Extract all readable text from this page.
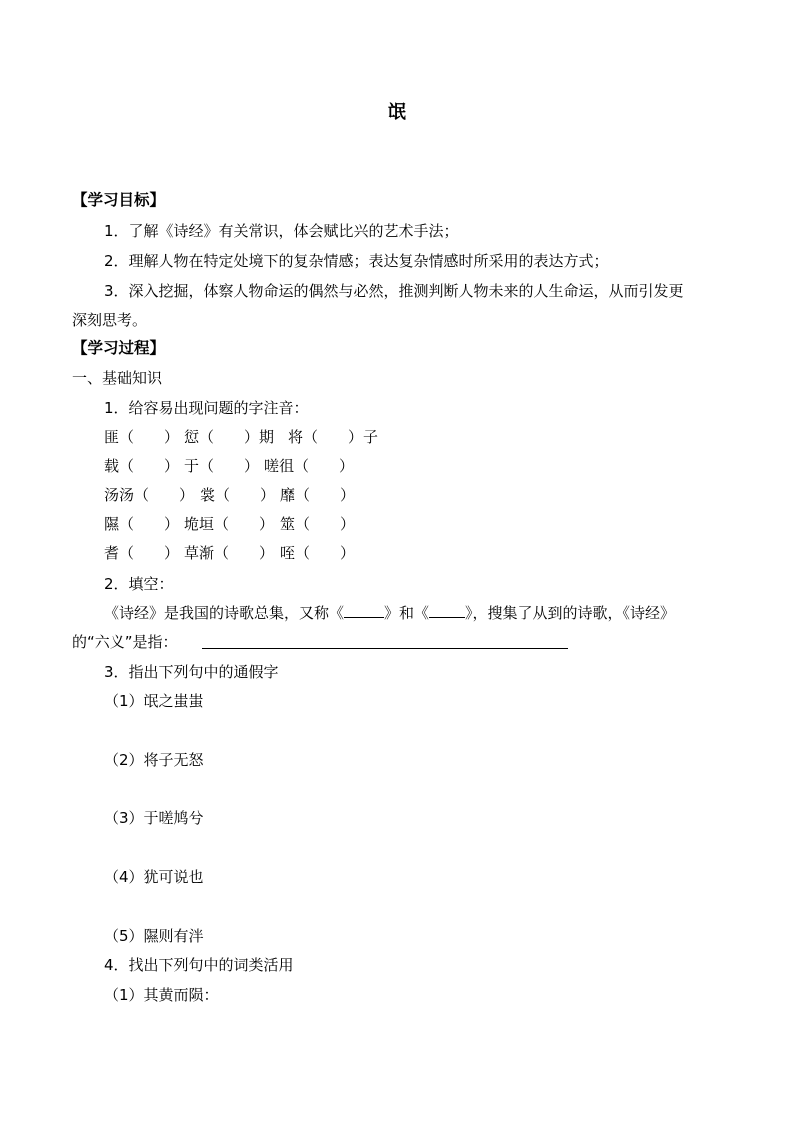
氓
【学习目标】
1．了解《诗经》有关常识，体会赋比兴的艺术手法；
2．理解人物在特定处境下的复杂情感；表达复杂情感时所采用的表达方式；
3．深入挖掘，体察人物命运的偶然与必然，推测判断人物未来的人生命运，从而引发更
深刻思考。
【学习过程】
一、基础知识
1．给容易出现问题的字注音：
匪（　　） 愆（　　）期 将（　　）子
载（　　） 于（　　） 嗟徂（　　）
汤汤（　　） 裳（　　） 靡（　　）
隰（　　） 垝垣（　　） 筮（　　）
耆（　　） 草渐（　　） 咥（　　）
2．填空：
《诗经》是我国的诗歌总集，又称《	》和《 》，搜集了从到的诗歌，《诗经》
的“六义”是指：
3．指出下列句中的通假字
（1）氓之蚩蚩
（2）将子无怒
（3）于嗟鸠兮
（4）犹可说也
（5）隰则有泮
4．找出下列句中的词类活用
（1）其黄而陨：
